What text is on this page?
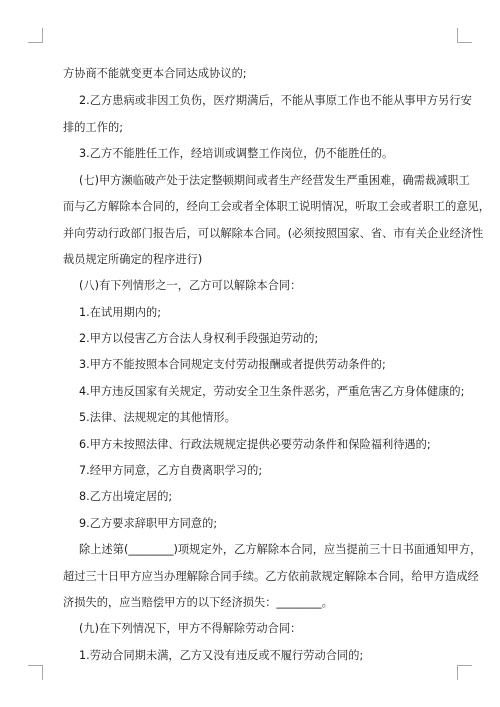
方协商不能就变更本合同达成协议的;
2.乙方患病或非因工负伤，医疗期满后，不能从事原工作也不能从事甲方另行安
排的工作的;
3.乙方不能胜任工作，经培训或调整工作岗位，仍不能胜任的。
(七)甲方濒临破产处于法定整顿期间或者生产经营发生严重困难，确需裁减职工
而与乙方解除本合同的，经向工会或者全体职工说明情况，听取工会或者职工的意见，
并向劳动行政部门报告后，可以解除本合同。(必须按照国家、省、市有关企业经济性
裁员规定所确定的程序进行)
(八)有下列情形之一，乙方可以解除本合同：
1.在试用期内的;
2.甲方以侵害乙方合法人身权利手段强迫劳动的;
3.甲方不能按照本合同规定支付劳动报酬或者提供劳动条件的;
4.甲方违反国家有关规定，劳动安全卫生条件恶劣，严重危害乙方身体健康的;
5.法律、法规规定的其他情形。
6.甲方未按照法律、行政法规规定提供必要劳动条件和保险福利待遇的;
7.经甲方同意，乙方自费离职学习的;
8.乙方出境定居的;
9.乙方要求辞职甲方同意的;
除上述第(________)项规定外，乙方解除本合同，应当提前三十日书面通知甲方，
超过三十日甲方应当办理解除合同手续。乙方依前款规定解除本合同，给甲方造成经
济损失的，应当赔偿甲方的以下经济损失：________。
(九)在下列情况下，甲方不得解除劳动合同：
1.劳动合同期未满，乙方又没有违反或不履行劳动合同的;
